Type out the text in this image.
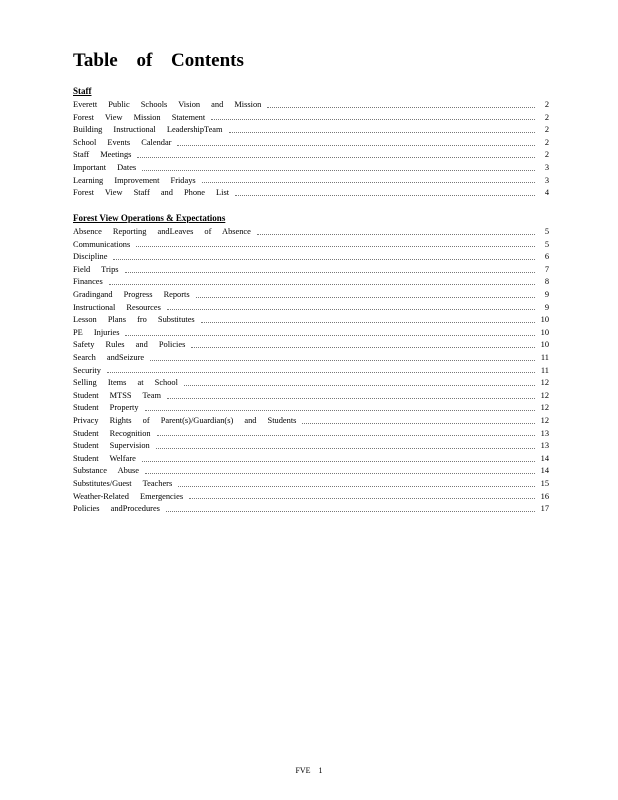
Table of Contents
Staff
Everett Public Schools Vision and Mission	2
Forest View Mission Statement	2
Building Instructional LeadershipTeam	2
School Events Calendar	2
Staff Meetings	2
Important Dates	3
Learning Improvement Fridays	3
Forest View Staff and Phone List	4
Forest View Operations & Expectations
Absence Reporting andLeaves of Absence	5
Communications	5
Discipline	6
Field Trips	7
Finances	8
Gradingand Progress Reports	9
Instructional Resources	9
Lesson Plans fro Substitutes	10
PE Injuries	10
Safety Rules and Policies	10
Search andSeizure	11
Security	11
Selling Items at School	12
Student MTSS Team	12
Student Property	12
Privacy Rights of Parent(s)/Guardian(s) and Students	12
Student Recognition	13
Student Supervision	13
Student Welfare	14
Substance Abuse	14
Substitutes/Guest Teachers	15
Weather-Related Emergencies	16
Policies andProcedures	17
FVE 1
